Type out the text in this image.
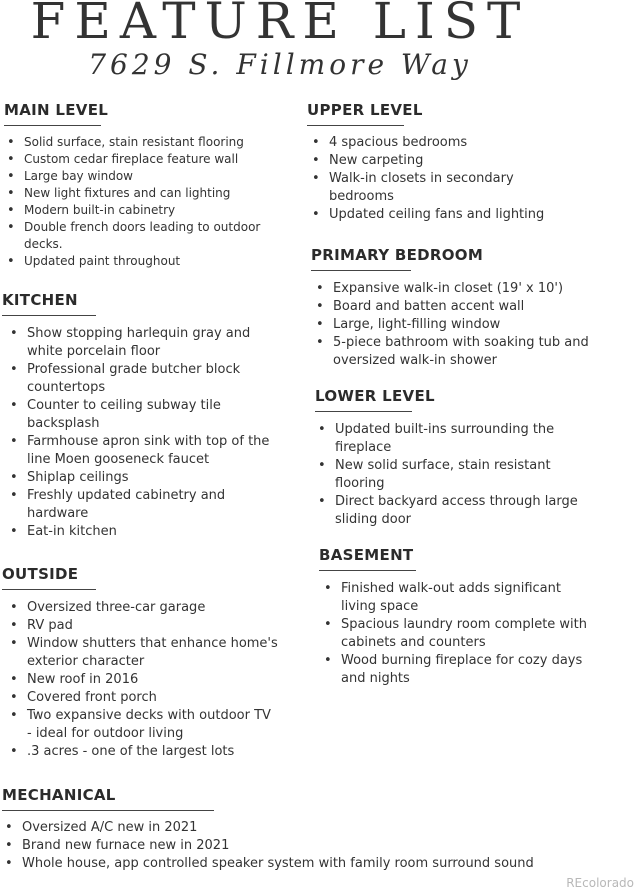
FEATURE LIST
7629 S. Fillmore Way
MAIN LEVEL
• Solid surface, stain resistant flooring
• Custom cedar fireplace feature wall
• Large bay window
• New light fixtures and can lighting
• Modern built-in cabinetry
• Double french doors leading to outdoor decks.
• Updated paint throughout
KITCHEN
• Show stopping harlequin gray and white porcelain floor
• Professional grade butcher block countertops
• Counter to ceiling subway tile backsplash
• Farmhouse apron sink with top of the line Moen gooseneck faucet
• Shiplap ceilings
• Freshly updated cabinetry and hardware
• Eat-in kitchen
OUTSIDE
• Oversized three-car garage
• RV pad
• Window shutters that enhance home's exterior character
• New roof in 2016
• Covered front porch
• Two expansive decks with outdoor TV - ideal for outdoor living
• .3 acres - one of the largest lots
MECHANICAL
• Oversized A/C new in 2021
• Brand new furnace new in 2021
• Whole house, app controlled speaker system with family room surround sound
UPPER LEVEL
• 4 spacious bedrooms
• New carpeting
• Walk-in closets in secondary bedrooms
• Updated ceiling fans and lighting
PRIMARY BEDROOM
• Expansive walk-in closet (19' x 10')
• Board and batten accent wall
• Large, light-filling window
• 5-piece bathroom with soaking tub and oversized walk-in shower
LOWER LEVEL
• Updated built-ins surrounding the fireplace
• New solid surface, stain resistant flooring
• Direct backyard access through large sliding door
BASEMENT
• Finished walk-out adds significant living space
• Spacious laundry room complete with cabinets and counters
• Wood burning fireplace for cozy days and nights
REcolorado
